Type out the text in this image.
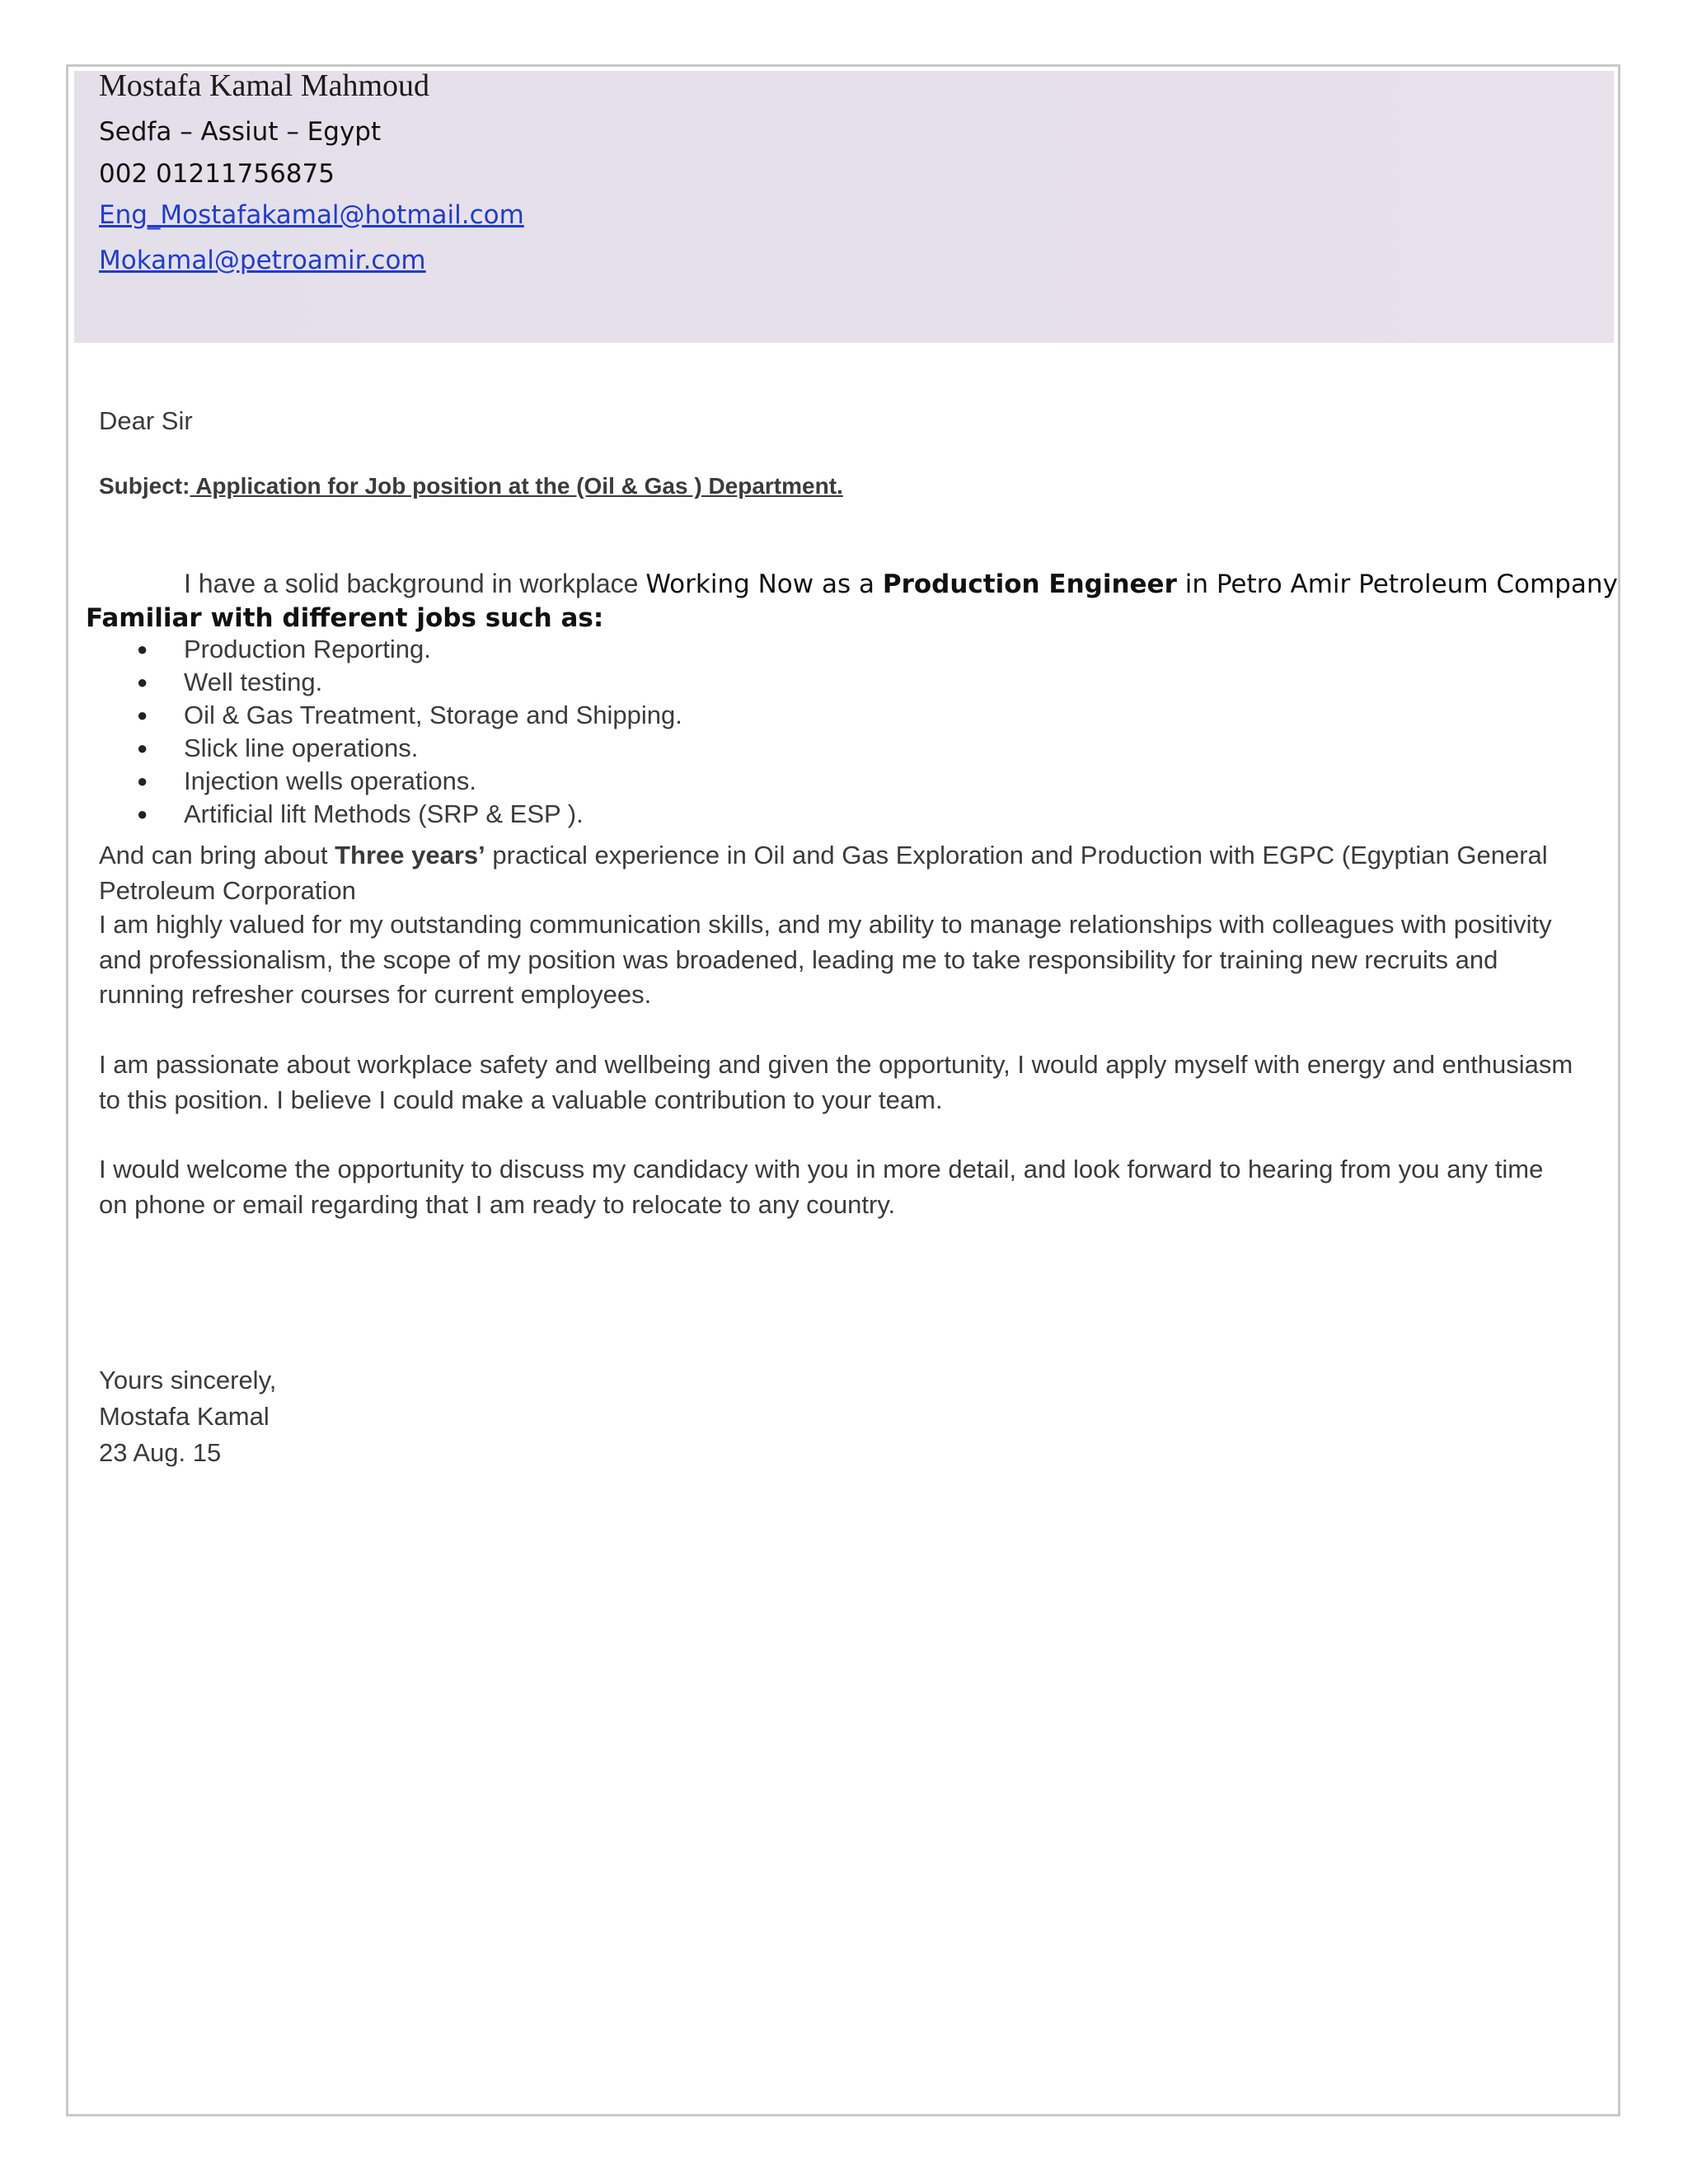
Mostafa Kamal Mahmoud
Sedfa – Assiut – Egypt
002 01211756875
Eng_Mostafakamal@hotmail.com
Mokamal@petroamir.com
Dear Sir
Subject: Application for Job position at the (Oil & Gas ) Department.
I have a solid background in workplace Working Now as a Production Engineer in Petro Amir Petroleum Company
Familiar with different jobs such as:
● Production Reporting.
● Well testing.
● Oil & Gas Treatment, Storage and Shipping.
● Slick line operations.
● Injection wells operations.
● Artificial lift Methods (SRP & ESP ).
And can bring about Three years’ practical experience in Oil and Gas Exploration and Production with EGPC (Egyptian General Petroleum Corporation
I am highly valued for my outstanding communication skills, and my ability to manage relationships with colleagues with positivity and professionalism, the scope of my position was broadened, leading me to take responsibility for training new recruits and running refresher courses for current employees.
I am passionate about workplace safety and wellbeing and given the opportunity, I would apply myself with energy and enthusiasm to this position. I believe I could make a valuable contribution to your team.
I would welcome the opportunity to discuss my candidacy with you in more detail, and look forward to hearing from you any time on phone or email regarding that I am ready to relocate to any country.
Yours sincerely,
Mostafa Kamal
23 Aug. 15
